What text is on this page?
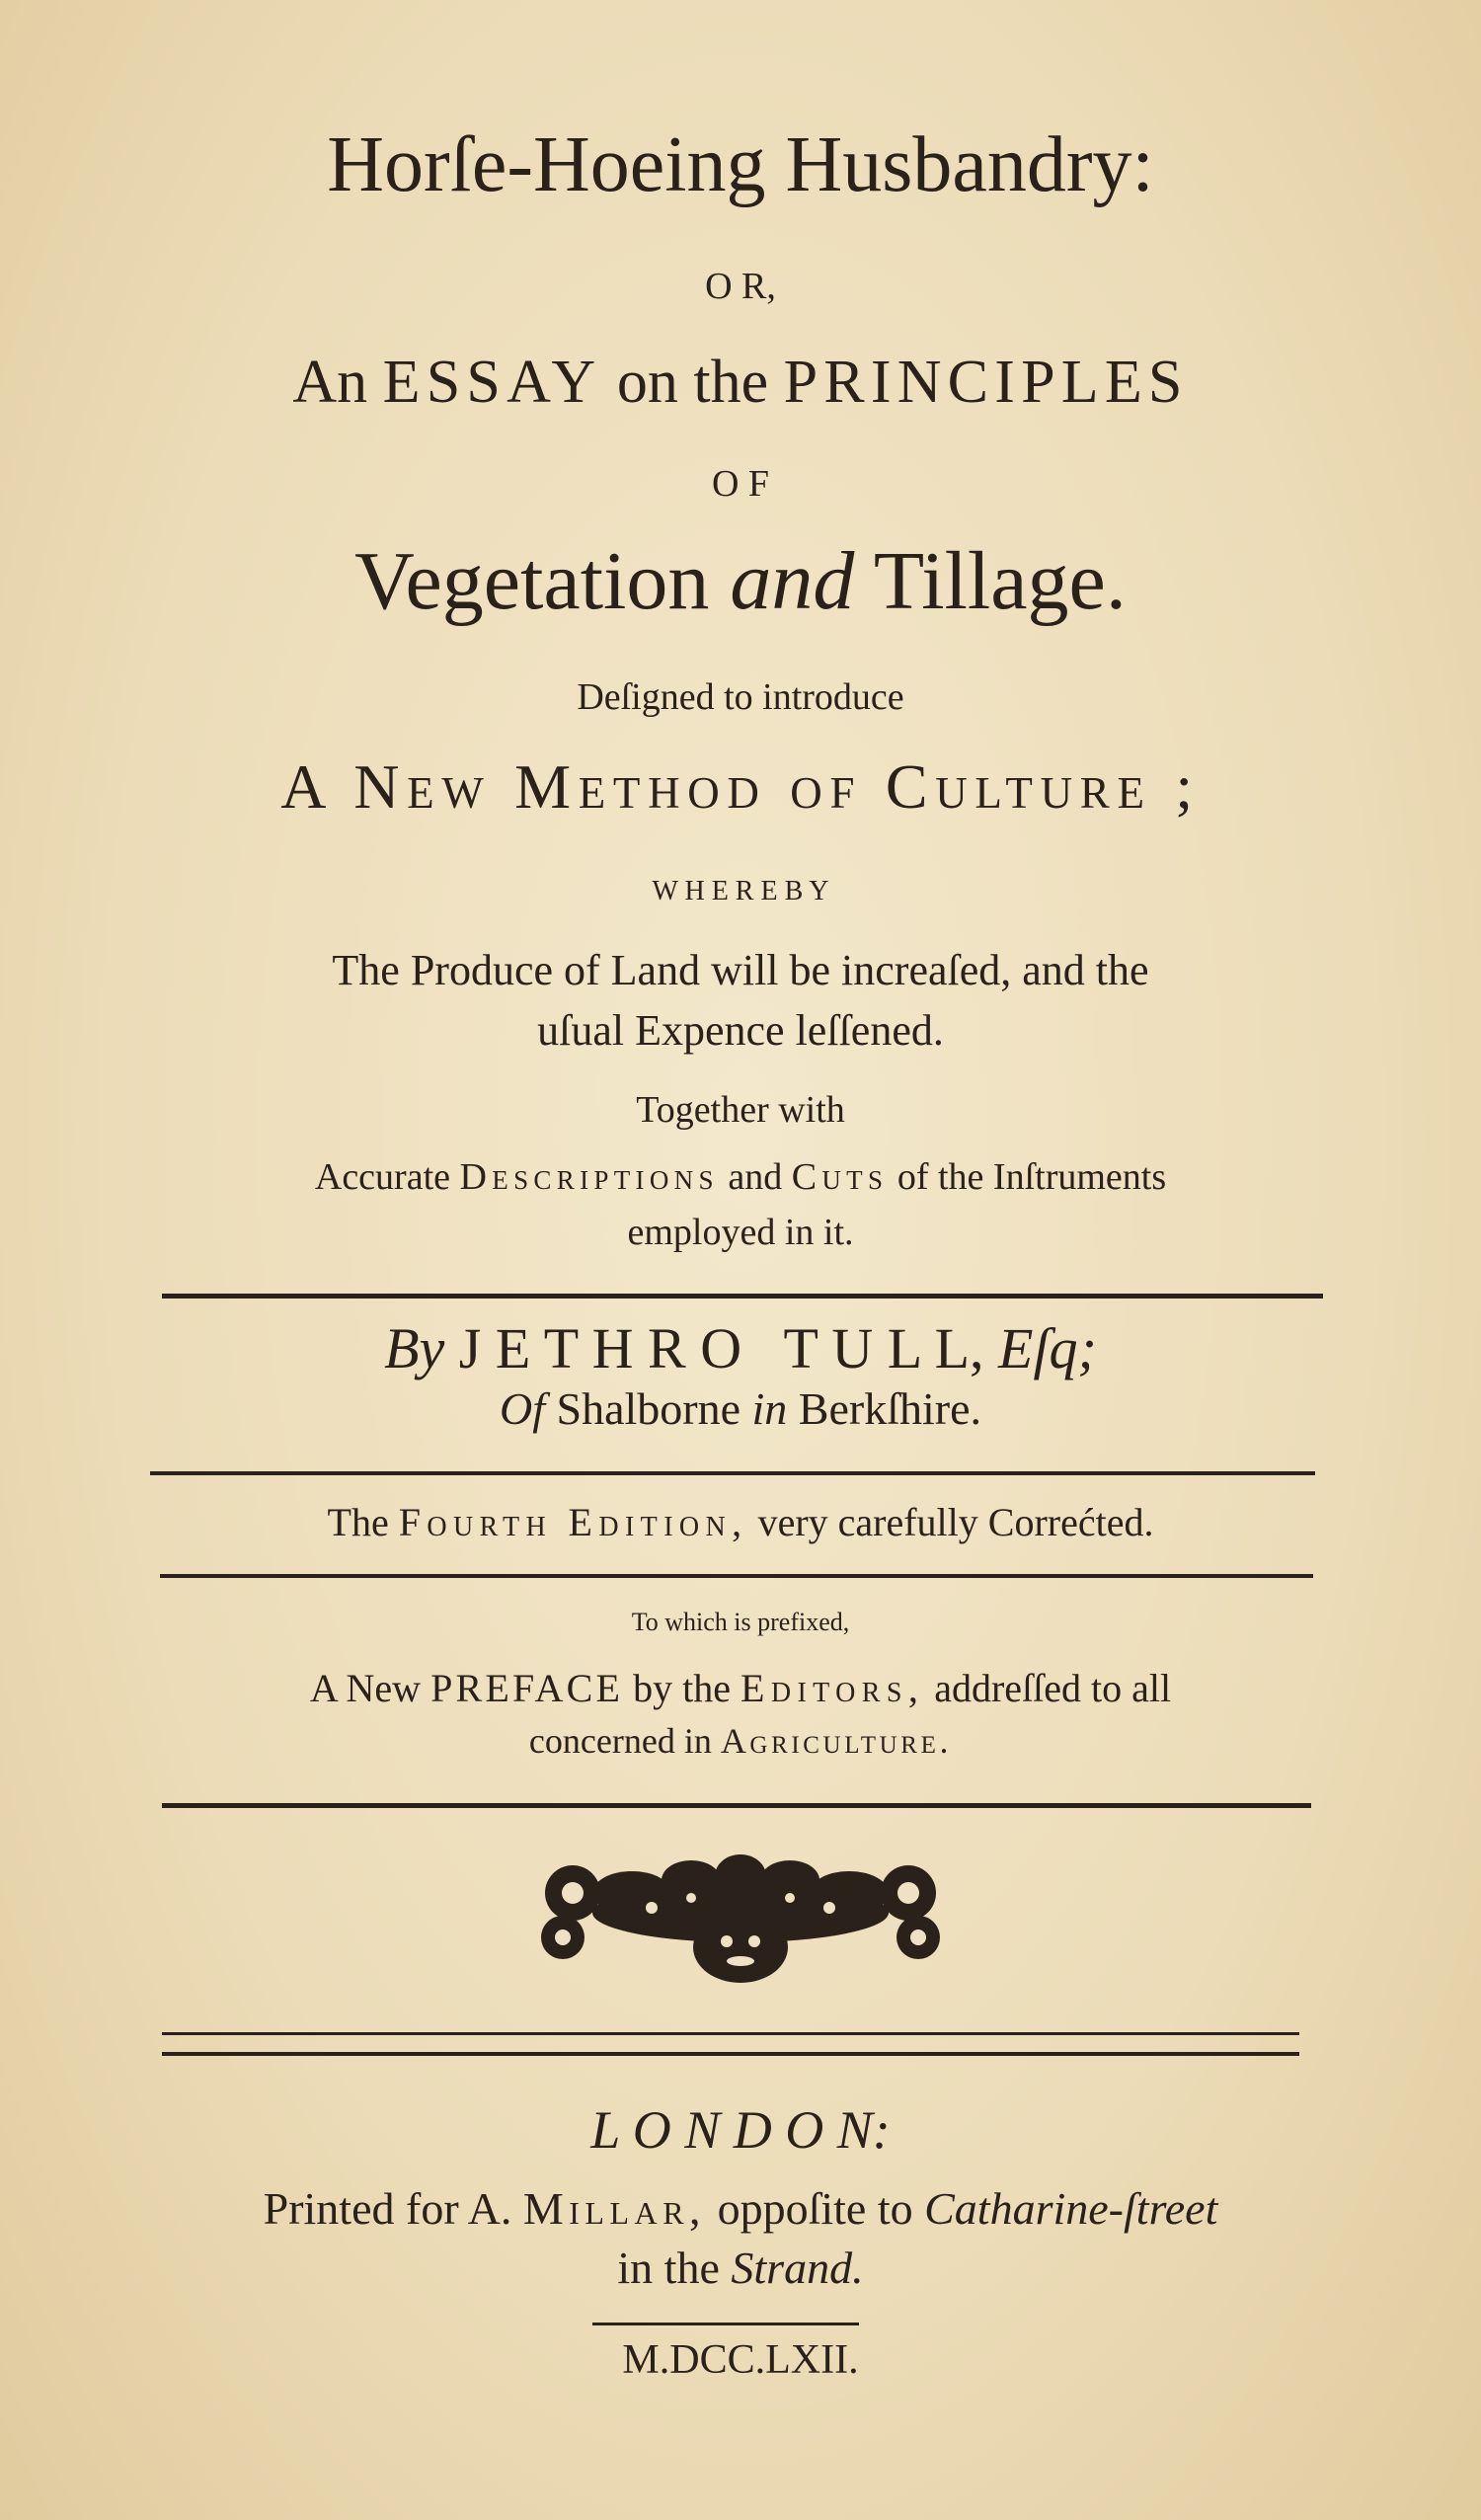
Horſe-Hoeing Husbandry:
O R,
An ESSAY on the PRINCIPLES
O F
Vegetation and Tillage.
Deſigned to introduce
A New Method of Culture ;
W H E R E B Y
The Produce of Land will be increaſed, and the
uſual Expence leſſened.
Together with
Accurate Descriptions and Cuts of the Inſtruments
employed in it.
By J E T H R O   T U L L, Eſq;
Of Shalborne in Berkſhire.
The Fourth Edition, very carefully Correćted.
To which is prefixed,
A New PREFACE by the Editors, addreſſed to all
concerned in Agriculture.
L O N D O N:
Printed for A. Millar, oppoſite to Catharine-ſtreet
in the Strand.
M.DCC.LXII.
